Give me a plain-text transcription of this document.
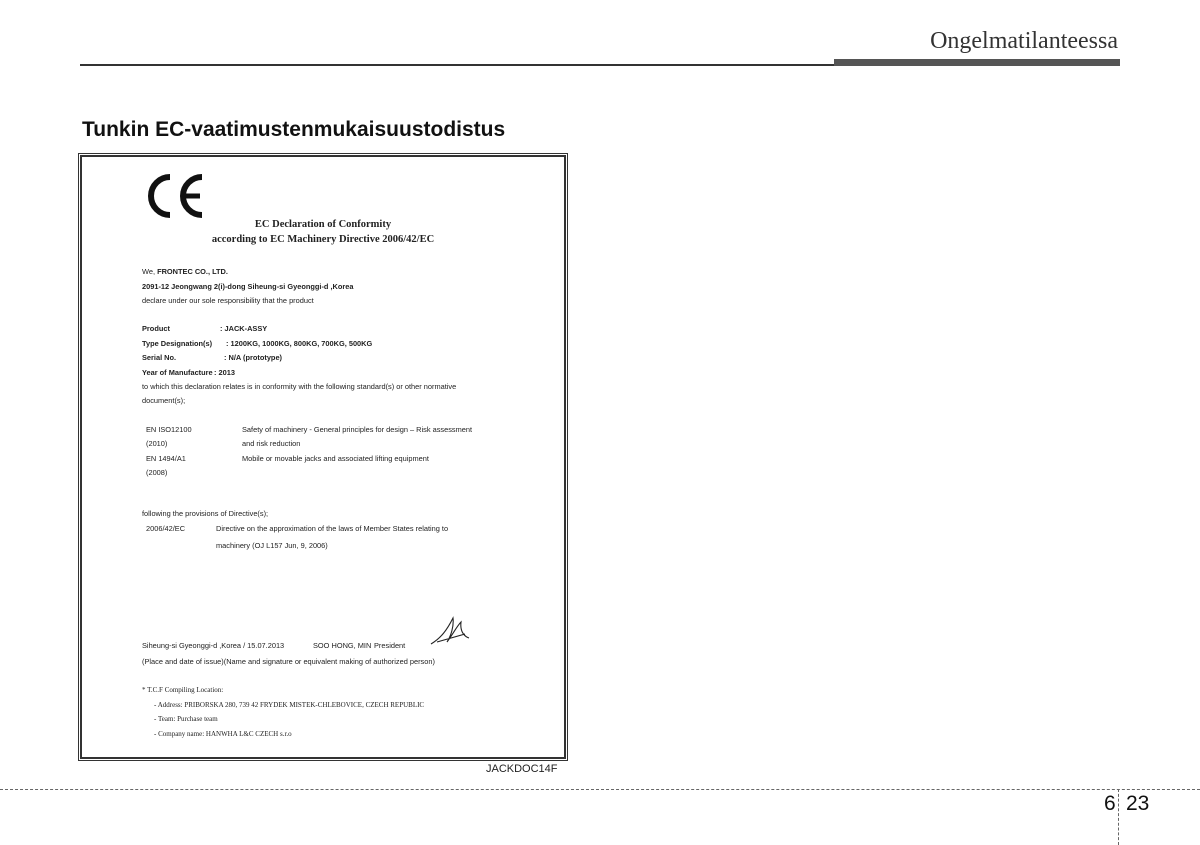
Ongelmatilanteessa
Tunkin EC-vaatimustenmukaisuustodistus
EC Declaration of Conformity
according to EC Machinery Directive 2006/42/EC
We, FRONTEC CO., LTD.
2091-12 Jeongwang 2(i)-dong Siheung-si Gyeonggi-d ,Korea
declare under our sole responsibility that the product
Product	: JACK-ASSY
Type Designation(s) : 1200KG, 1000KG, 800KG, 700KG, 500KG
Serial No.	: N/A (prototype)
Year of Manufacture : 2013
to which this declaration relates is in conformity with the following standard(s) or other normative
document(s);
EN ISO12100	Safety of machinery - General principles for design – Risk assessment
(2010)	and risk reduction
EN 1494/A1	Mobile or movable jacks and associated lifting equipment
(2008)
following the provisions of Directive(s);
2006/42/EC	Directive on the approximation of the laws of Member States relating to
machinery (OJ L157 Jun, 9, 2006)
Siheung-si Gyeonggi-d ,Korea / 15.07.2013	SOO HONG, MIN President
(Place and date of issue)(Name and signature or equivalent making of authorized person)
* T.C.F Compiling Location:
- Address: PRIBORSKA 280, 739 42 FRYDEK MISTEK-CHLEBOVICE, CZECH REPUBLIC
- Team: Purchase team
- Company name: HANWHA L&C CZECH s.r.o
JACKDOC14F
6 23
